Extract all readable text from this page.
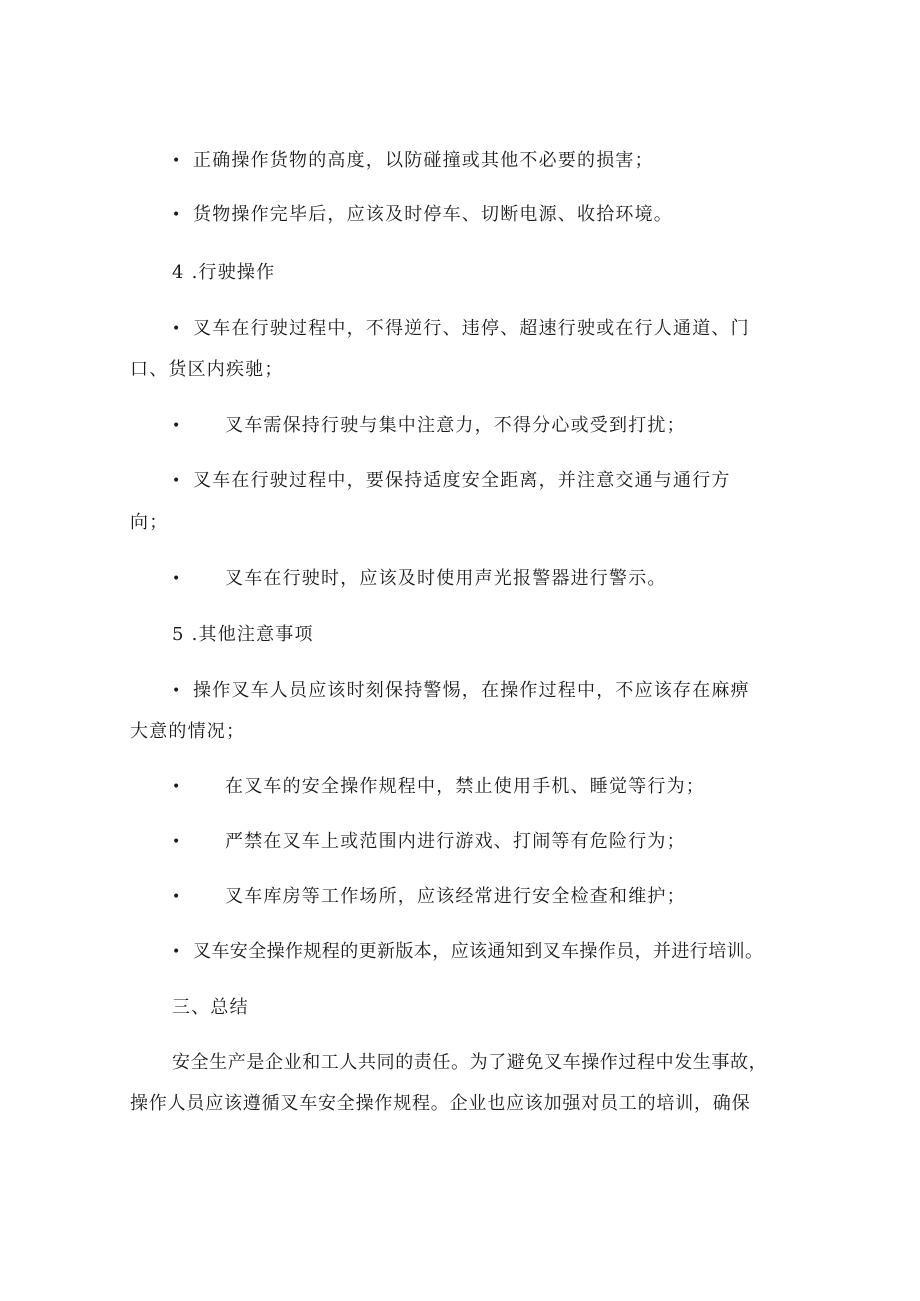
• 正确操作货物的高度，以防碰撞或其他不必要的损害；
• 货物操作完毕后，应该及时停车、切断电源、收拾环境。
4 .行驶操作
• 叉车在行驶过程中，不得逆行、违停、超速行驶或在行人通道、门
口、货区内疾驰；
• 叉车需保持行驶与集中注意力，不得分心或受到打扰；
• 叉车在行驶过程中，要保持适度安全距离，并注意交通与通行方
向；
• 叉车在行驶时，应该及时使用声光报警器进行警示。
5 .其他注意事项
• 操作叉车人员应该时刻保持警惕，在操作过程中，不应该存在麻痹
大意的情况；
• 在叉车的安全操作规程中，禁止使用手机、睡觉等行为；
• 严禁在叉车上或范围内进行游戏、打闹等有危险行为；
• 叉车库房等工作场所，应该经常进行安全检查和维护；
• 叉车安全操作规程的更新版本，应该通知到叉车操作员，并进行培训。
三、总结
安全生产是企业和工人共同的责任。为了避免叉车操作过程中发生事故，
操作人员应该遵循叉车安全操作规程。企业也应该加强对员工的培训，确保
